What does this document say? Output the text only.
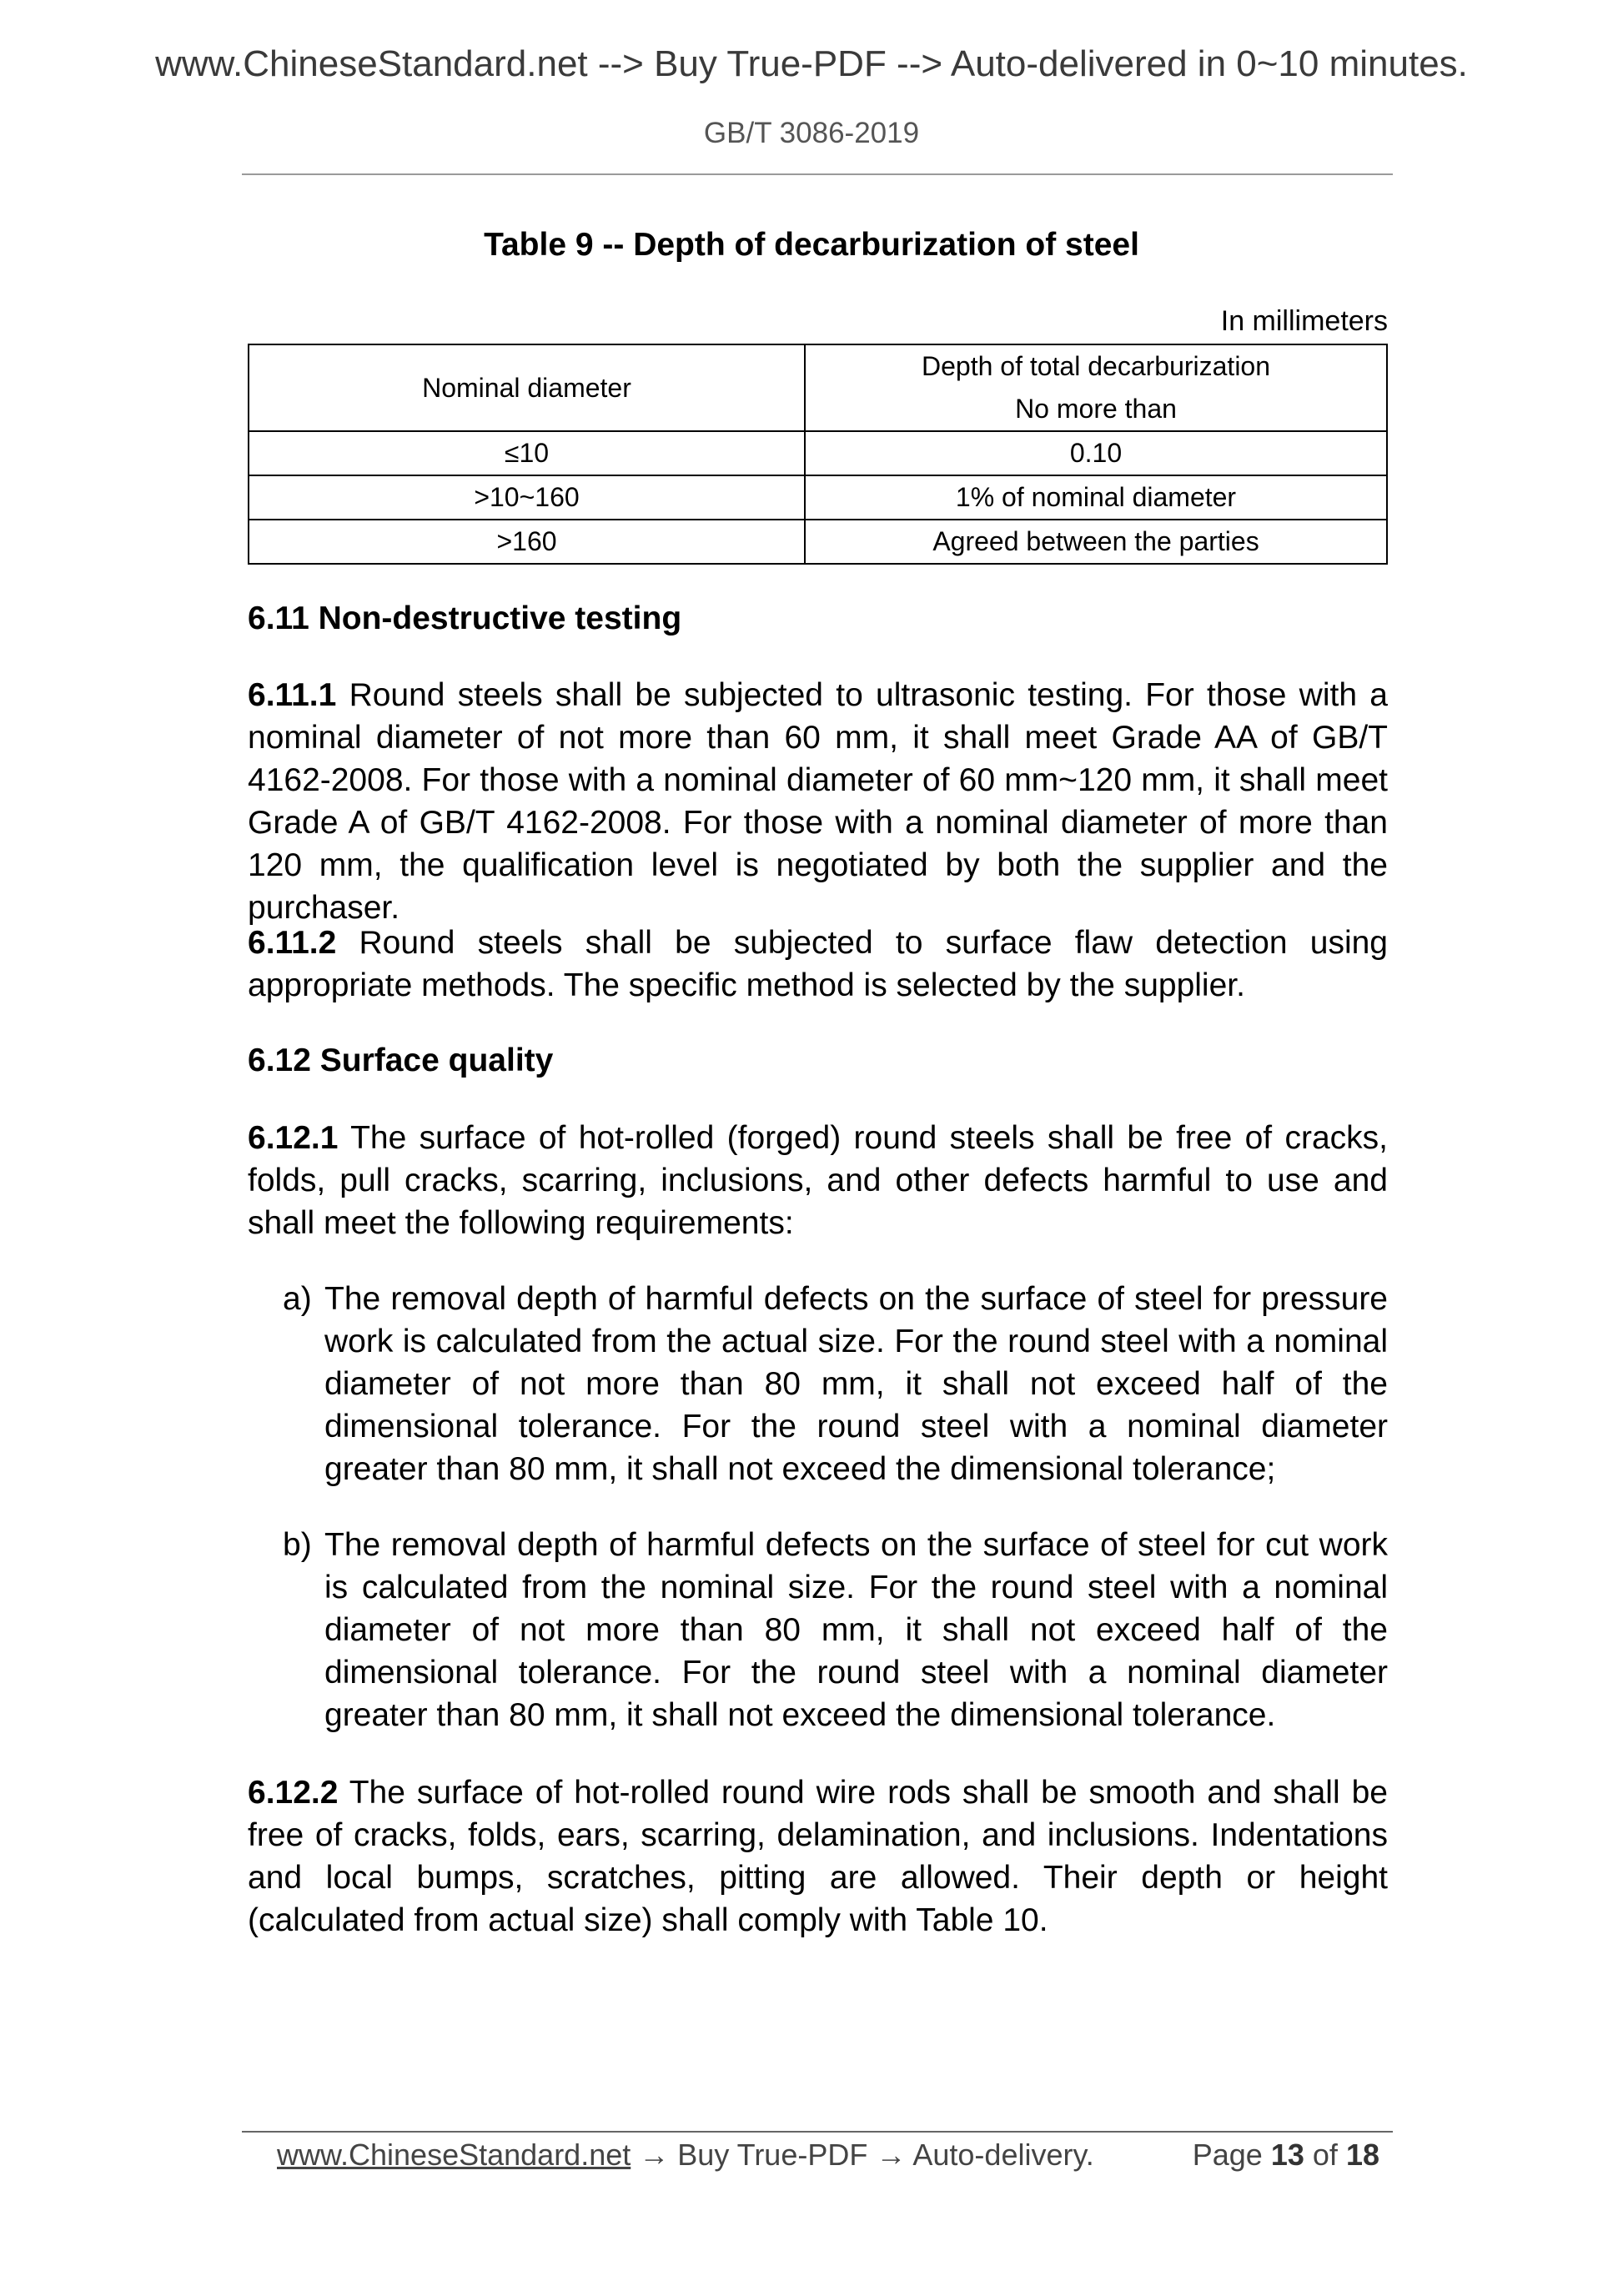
www.ChineseStandard.net --> Buy True-PDF --> Auto-delivered in 0~10 minutes.
GB/T 3086-2019
Table 9 -- Depth of decarburization of steel
In millimeters
Nominal diameter	Depth of total decarburization
	No more than
≤10	0.10
>10~160	1% of nominal diameter
>160	Agreed between the parties
6.11 Non-destructive testing
6.11.1 Round steels shall be subjected to ultrasonic testing. For those with a nominal diameter of not more than 60 mm, it shall meet Grade AA of GB/T 4162-2008. For those with a nominal diameter of 60 mm~120 mm, it shall meet Grade A of GB/T 4162-2008. For those with a nominal diameter of more than 120 mm, the qualification level is negotiated by both the supplier and the purchaser.
6.11.2 Round steels shall be subjected to surface flaw detection using appropriate methods. The specific method is selected by the supplier.
6.12 Surface quality
6.12.1 The surface of hot-rolled (forged) round steels shall be free of cracks, folds, pull cracks, scarring, inclusions, and other defects harmful to use and shall meet the following requirements:
a) The removal depth of harmful defects on the surface of steel for pressure work is calculated from the actual size. For the round steel with a nominal diameter of not more than 80 mm, it shall not exceed half of the dimensional tolerance. For the round steel with a nominal diameter greater than 80 mm, it shall not exceed the dimensional tolerance;
b) The removal depth of harmful defects on the surface of steel for cut work is calculated from the nominal size. For the round steel with a nominal diameter of not more than 80 mm, it shall not exceed half of the dimensional tolerance. For the round steel with a nominal diameter greater than 80 mm, it shall not exceed the dimensional tolerance.
6.12.2 The surface of hot-rolled round wire rods shall be smooth and shall be free of cracks, folds, ears, scarring, delamination, and inclusions. Indentations and local bumps, scratches, pitting are allowed. Their depth or height (calculated from actual size) shall comply with Table 10.
www.ChineseStandard.net → Buy True-PDF → Auto-delivery.	Page 13 of 18
